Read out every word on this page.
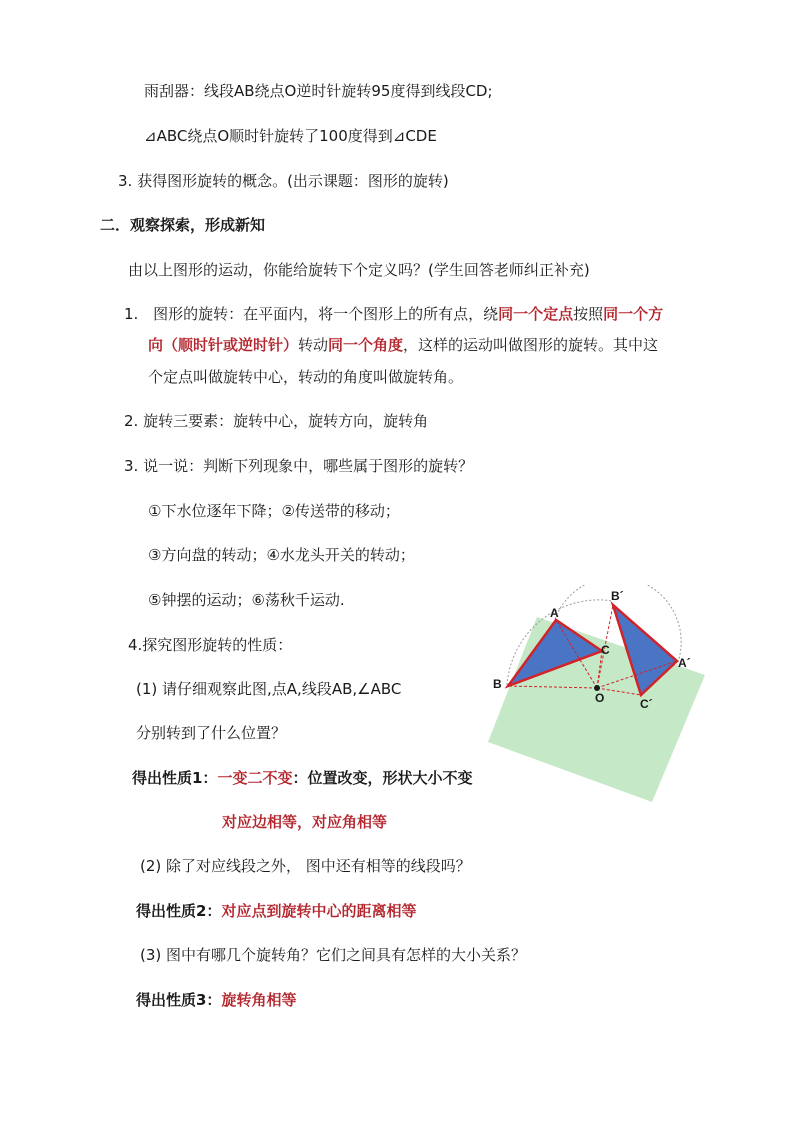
雨刮器：线段AB绕点O逆时针旋转95度得到线段CD;
⊿ABC绕点O顺时针旋转了100度得到⊿CDE
3. 获得图形旋转的概念。(出示课题：图形的旋转)
二．观察探索，形成新知
由以上图形的运动，你能给旋转下个定义吗？(学生回答老师纠正补充)
1. 图形的旋转：在平面内，将一个图形上的所有点，绕同一个定点按照同一个方
向（顺时针或逆时针）转动同一个角度，这样的运动叫做图形的旋转。其中这
个定点叫做旋转中心，转动的角度叫做旋转角。
2. 旋转三要素：旋转中心，旋转方向，旋转角
3. 说一说：判断下列现象中，哪些属于图形的旋转？
①下水位逐年下降；②传送带的移动；
③方向盘的转动；④水龙头开关的转动；
⑤钟摆的运动；⑥荡秋千运动.
4.探究图形旋转的性质：
(1) 请仔细观察此图,点A,线段AB,∠ABC
分别转到了什么位置？
得出性质1：一变二不变：位置改变，形状大小不变
对应边相等，对应角相等
(2) 除了对应线段之外， 图中还有相等的线段吗？
得出性质2：对应点到旋转中心的距离相等
(3) 图中有哪几个旋转角？它们之间具有怎样的大小关系？
得出性质3：旋转角相等
A
B
C
O
A´
B´
C´
